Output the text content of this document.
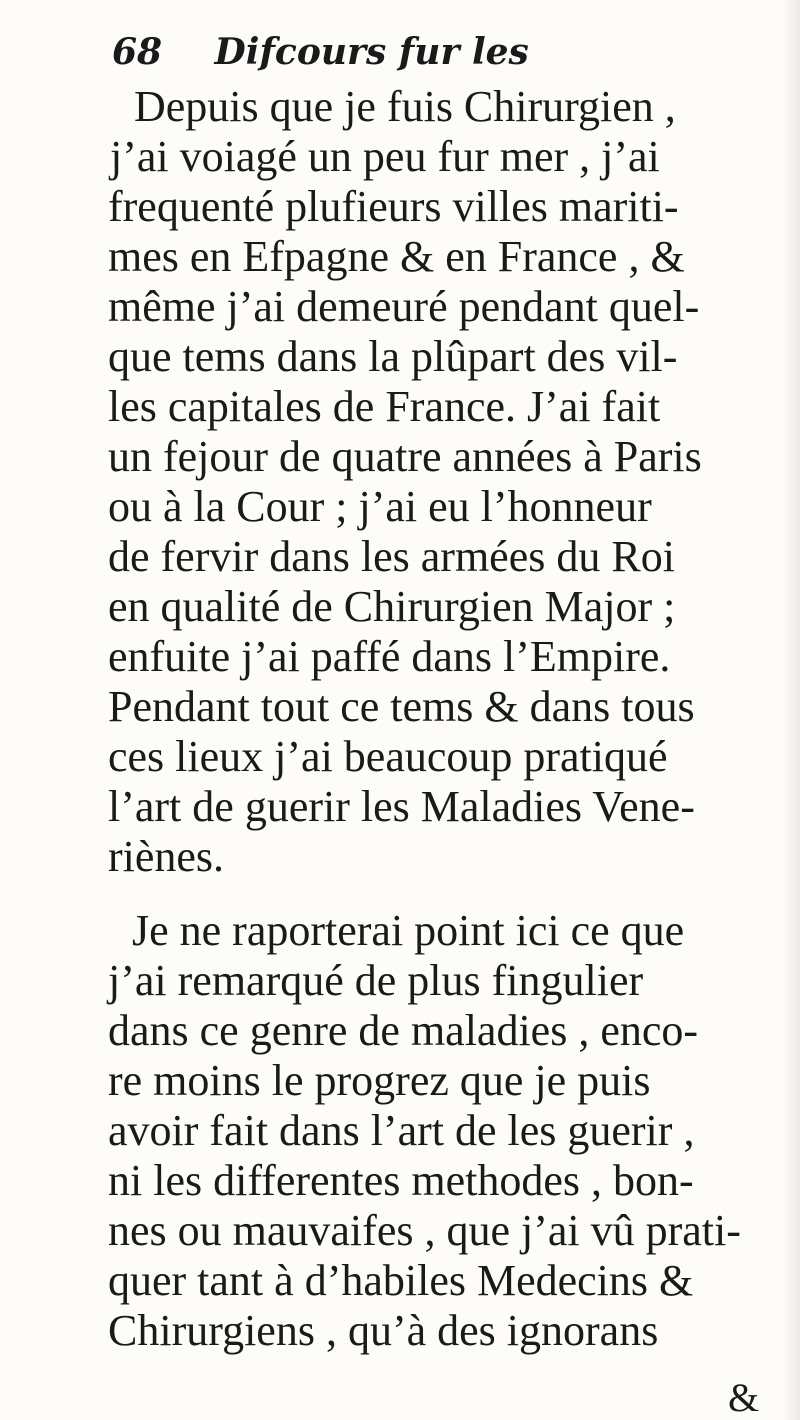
68 Difcours fur les
Depuis que je fuis Chirurgien ,
j’ai voiagé un peu fur mer , j’ai
frequenté plufieurs villes mariti-
mes en Efpagne & en France , &
même j’ai demeuré pendant quel-
que tems dans la plûpart des vil-
les capitales de France. J’ai fait
un fejour de quatre années à Paris
ou à la Cour ; j’ai eu l’honneur
de fervir dans les armées du Roi
en qualité de Chirurgien Major ;
enfuite j’ai paffé dans l’Empire.
Pendant tout ce tems & dans tous
ces lieux j’ai beaucoup pratiqué
l’art de guerir les Maladies Vene-
riènes.
Je ne raporterai point ici ce que
j’ai remarqué de plus fingulier
dans ce genre de maladies , enco-
re moins le progrez que je puis
avoir fait dans l’art de les guerir ,
ni les differentes methodes , bon-
nes ou mauvaifes , que j’ai vû prati-
quer tant à d’habiles Medecins &
Chirurgiens , qu’à des ignorans
&
